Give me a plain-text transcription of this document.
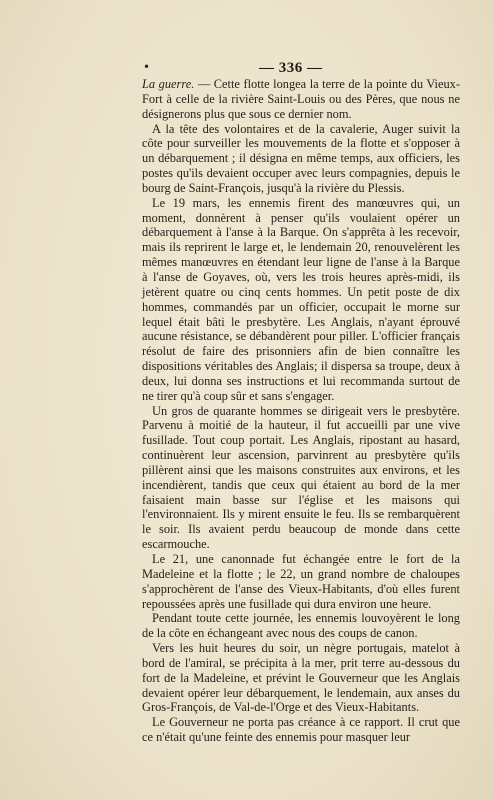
•	— 336 —

La guerre. — Cette flotte longea la terre de la pointe du Vieux-Fort à celle de la rivière Saint-Louis ou des Pères, que nous ne désignerons plus que sous ce dernier nom.

A la tête des volontaires et de la cavalerie, Auger suivit la côte pour surveiller les mouvements de la flotte et s'opposer à un débarquement ; il désigna en même temps, aux officiers, les postes qu'ils devaient occuper avec leurs compagnies, depuis le bourg de Saint-François, jusqu'à la rivière du Plessis.

Le 19 mars, les ennemis firent des manœuvres qui, un moment, donnèrent à penser qu'ils voulaient opérer un débarquement à l'anse à la Barque. On s'apprêta à les recevoir, mais ils reprirent le large et, le lendemain 20, renouvelèrent les mêmes manœuvres en étendant leur ligne de l'anse à la Barque à l'anse de Goyaves, où, vers les trois heures après-midi, ils jetèrent quatre ou cinq cents hommes. Un petit poste de dix hommes, commandés par un officier, occupait le morne sur lequel était bâti le presbytère. Les Anglais, n'ayant éprouvé aucune résistance, se débandèrent pour piller. L'officier français résolut de faire des prisonniers afin de bien connaître les dispositions véritables des Anglais; il dispersa sa troupe, deux à deux, lui donna ses instructions et lui recommanda surtout de ne tirer qu'à coup sûr et sans s'engager.

Un gros de quarante hommes se dirigeait vers le presbytère. Parvenu à moitié de la hauteur, il fut accueilli par une vive fusillade. Tout coup portait. Les Anglais, ripostant au hasard, continuèrent leur ascension, parvinrent au presbytère qu'ils pillèrent ainsi que les maisons construites aux environs, et les incendièrent, tandis que ceux qui étaient au bord de la mer faisaient main basse sur l'église et les maisons qui l'environnaient. Ils y mirent ensuite le feu. Ils se rembarquèrent le soir. Ils avaient perdu beaucoup de monde dans cette escarmouche.

Le 21, une canonnade fut échangée entre le fort de la Madeleine et la flotte ; le 22, un grand nombre de chaloupes s'approchèrent de l'anse des Vieux-Habitants, d'où elles furent repoussées après une fusillade qui dura environ une heure.

Pendant toute cette journée, les ennemis louvoyèrent le long de la côte en échangeant avec nous des coups de canon.

Vers les huit heures du soir, un nègre portugais, matelot à bord de l'amiral, se précipita à la mer, prit terre au-dessous du fort de la Madeleine, et prévint le Gouverneur que les Anglais devaient opérer leur débarquement, le lendemain, aux anses du Gros-François, de Val-de-l'Orge et des Vieux-Habitants.

Le Gouverneur ne porta pas créance à ce rapport. Il crut que ce n'était qu'une feinte des ennemis pour masquer leur
